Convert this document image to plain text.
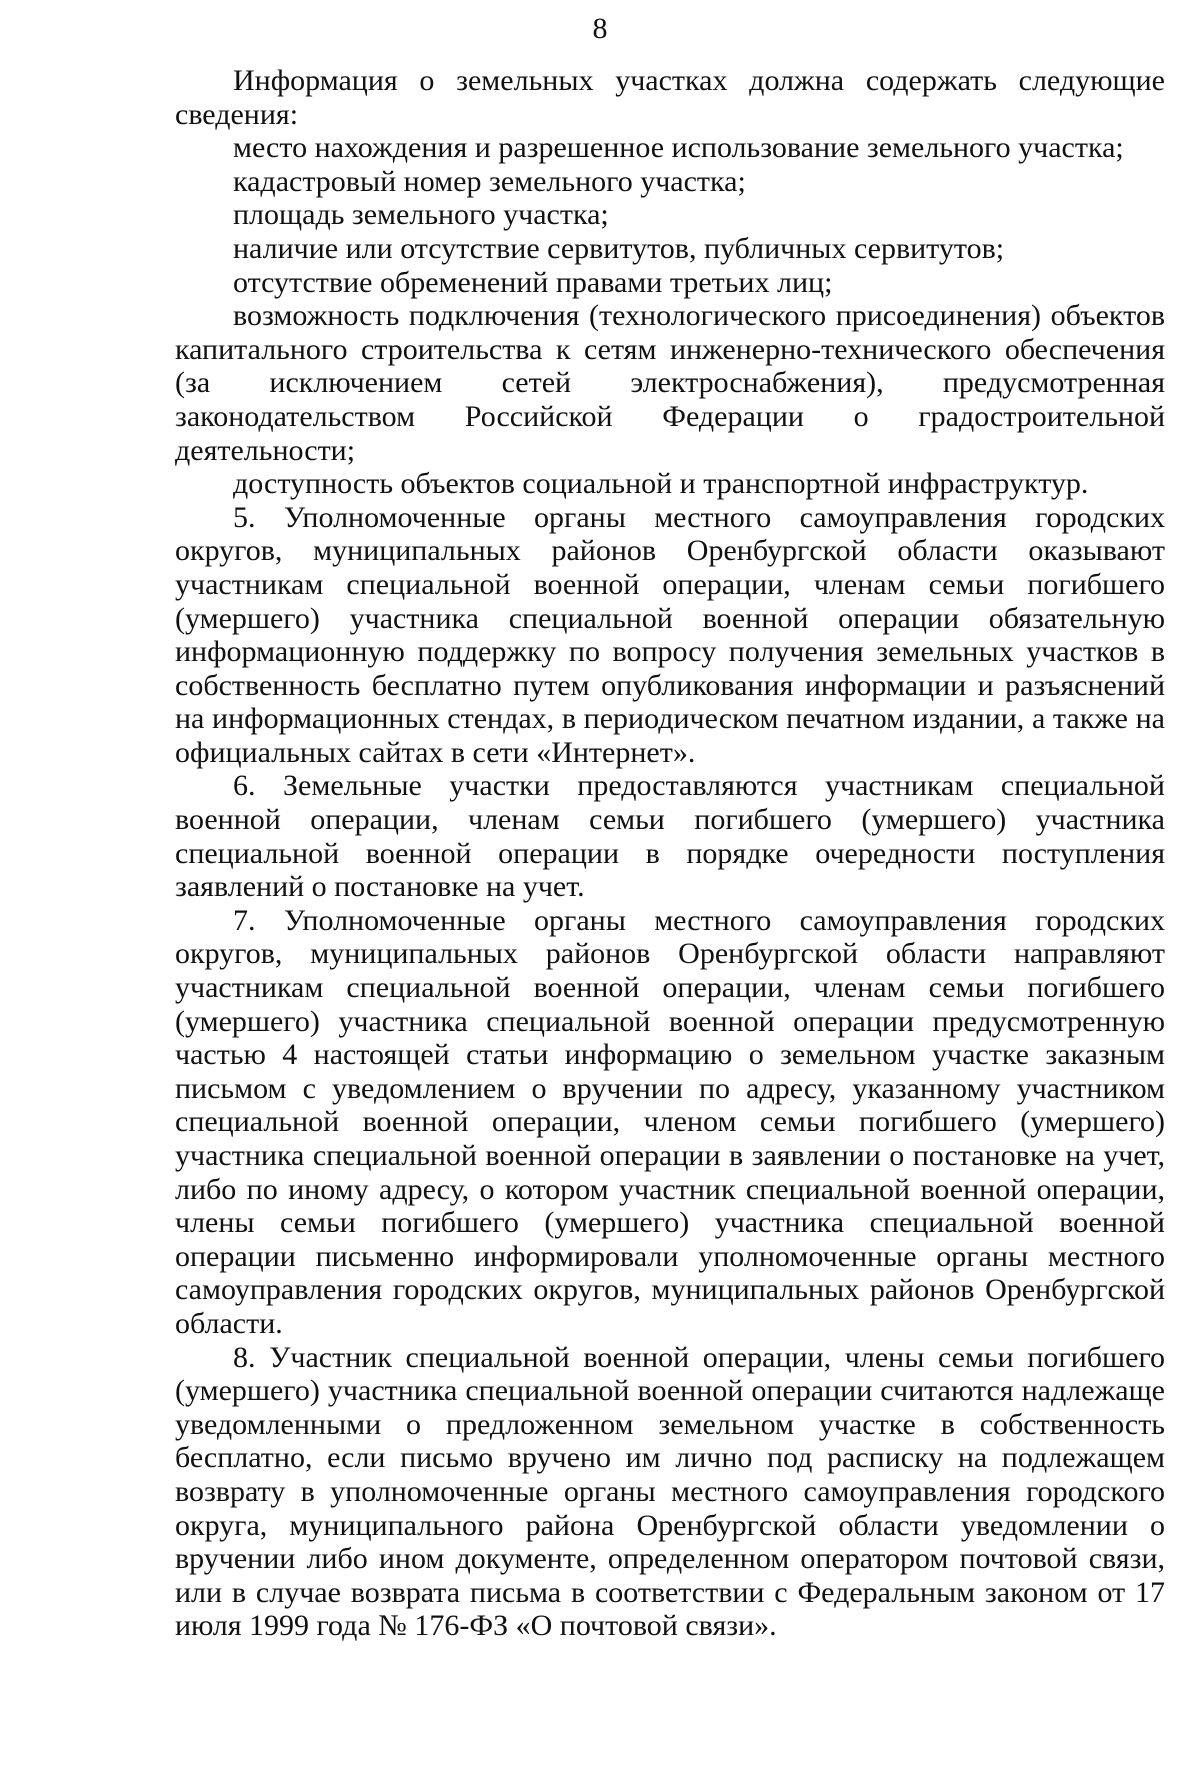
8

Информация о земельных участках должна содержать следующие сведения:

место нахождения и разрешенное использование земельного участка;

кадастровый номер земельного участка;

площадь земельного участка;

наличие или отсутствие сервитутов, публичных сервитутов;

отсутствие обременений правами третьих лиц;

возможность подключения (технологического присоединения) объектов капитального строительства к сетям инженерно-технического обеспечения (за исключением сетей электроснабжения), предусмотренная законодательством Российской Федерации о градостроительной деятельности;

доступность объектов социальной и транспортной инфраструктур.

5. Уполномоченные органы местного самоуправления городских округов, муниципальных районов Оренбургской области оказывают участникам специальной военной операции, членам семьи погибшего (умершего) участника специальной военной операции обязательную информационную поддержку по вопросу получения земельных участков в собственность бесплатно путем опубликования информации и разъяснений на информационных стендах, в периодическом печатном издании, а также на официальных сайтах в сети «Интернет».

6. Земельные участки предоставляются участникам специальной военной операции, членам семьи погибшего (умершего) участника специальной военной операции в порядке очередности поступления заявлений о постановке на учет.

7. Уполномоченные органы местного самоуправления городских округов, муниципальных районов Оренбургской области направляют участникам специальной военной операции, членам семьи погибшего (умершего) участника специальной военной операции предусмотренную частью 4 настоящей статьи информацию о земельном участке заказным письмом с уведомлением о вручении по адресу, указанному участником специальной военной операции, членом семьи погибшего (умершего) участника специальной военной операции в заявлении о постановке на учет, либо по иному адресу, о котором участник специальной военной операции, члены семьи погибшего (умершего) участника специальной военной операции письменно информировали уполномоченные органы местного самоуправления городских округов, муниципальных районов Оренбургской области.

8. Участник специальной военной операции, члены семьи погибшего (умершего) участника специальной военной операции считаются надлежаще уведомленными о предложенном земельном участке в собственность бесплатно, если письмо вручено им лично под расписку на подлежащем возврату в уполномоченные органы местного самоуправления городского округа, муниципального района Оренбургской области уведомлении о вручении либо ином документе, определенном оператором почтовой связи, или в случае возврата письма в соответствии с Федеральным законом от 17 июля 1999 года № 176-ФЗ «О почтовой связи».
